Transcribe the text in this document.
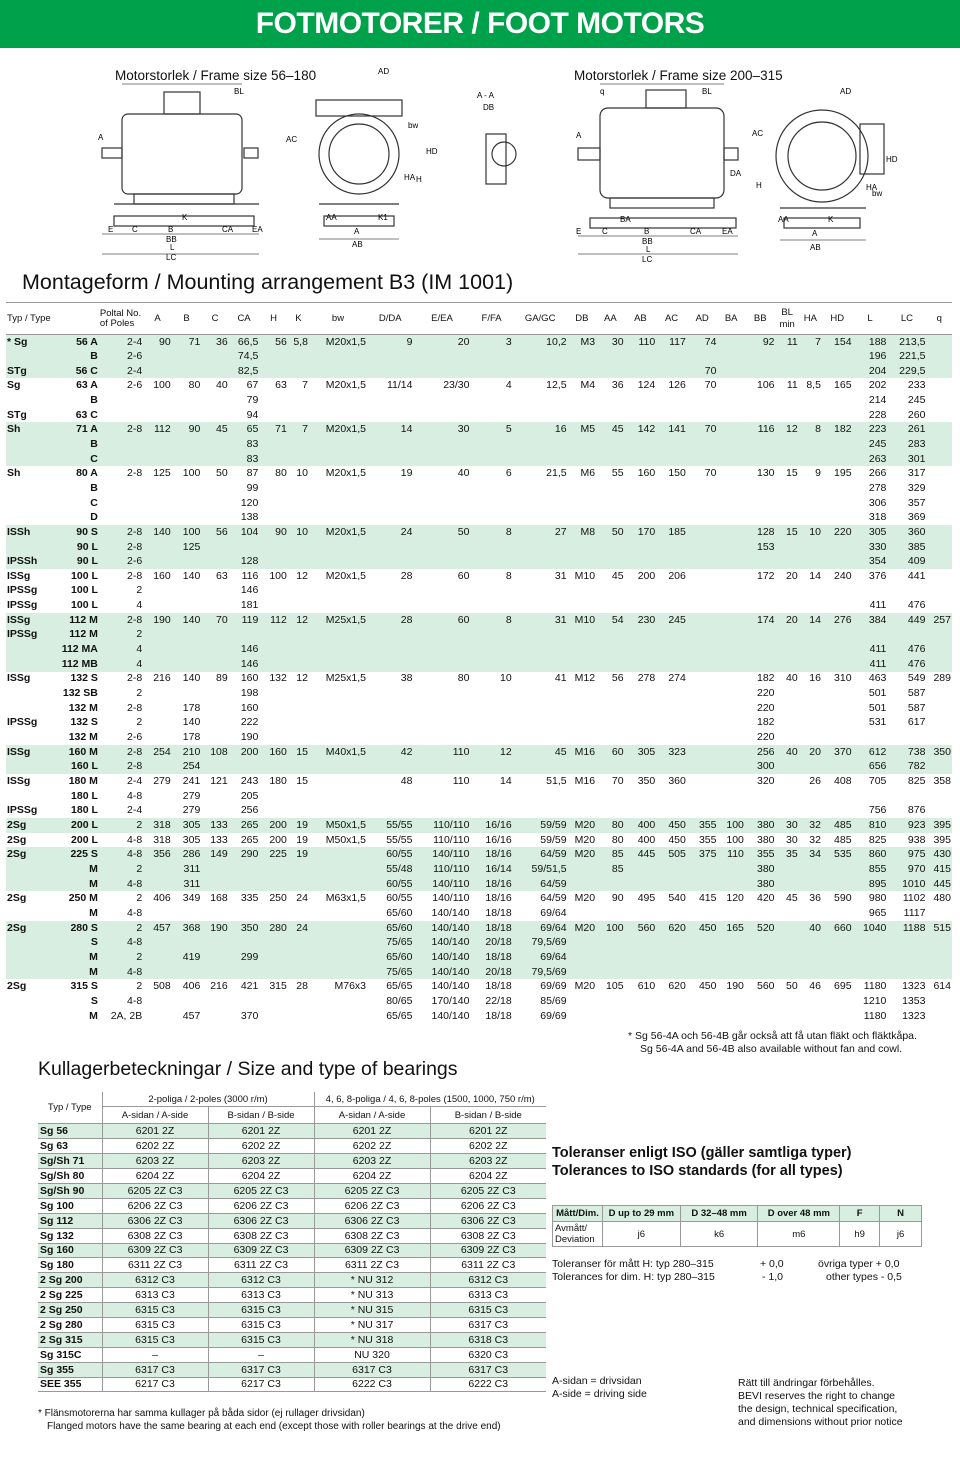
FOTMOTORER / FOOT MOTORS
Motorstorlek / Frame size 56–180	Motorstorlek / Frame size 200–315
BL
AD
A - A
DB
bw
HD
A	AC
HA H
E C	B
K
CA EA
AA	K1
BB
L
LC
A
AB
q	BL	AD
A	AC
DA
H	HA
HD
bw
E	C
BA
B	CA	EA
AA	K
BB
L
LC
A
AB
Montageform / Mounting arrangement B3 (IM 1001)
Typ / Type		Poltal No. of Poles	A	B	C	CA	H	K	bw	D/DA	E/EA	F/FA	GA/GC	DB	AA	AB	AC	AD	BA	BB	BL min	HA	HD	L	LC	q
* Sg	56 A	2-4	90	71	36	66,5	56	5,8	M20x1,5	9	20	3	10,2	M3	30	110	117	74		92	11	7	154	188	213,5	
	B	2-6				74,5																		196	221,5	
STg	56 C	2-4				82,5												70						204	229,5	
Sg	63 A	2-6	100	80	40	67	63	7	M20x1,5	11/14	23/30	4	12,5	M4	36	124	126	70		106	11	8,5	165	202	233	
	B					79																		214	245	
STg	63 C					94																		228	260	
Sh	71 A	2-8	112	90	45	65	71	7	M20x1,5	14	30	5	16	M5	45	142	141	70		116	12	8	182	223	261	
	B					83																		245	283	
	C					83																		263	301	
Sh	80 A	2-8	125	100	50	87	80	10	M20x1,5	19	40	6	21,5	M6	55	160	150	70		130	15	9	195	266	317	
	B					99																		278	329	
	C					120																		306	357	
	D					138																		318	369	
ISSh	90 S	2-8	140	100	56	104	90	10	M20x1,5	24	50	8	27	M8	50	170	185			128	15	10	220	305	360	
	90 L	2-8		125																153				330	385	
IPSSh	90 L	2-6				128																		354	409	
ISSg	100 L	2-8	160	140	63	116	100	12	M20x1,5	28	60	8	31	M10	45	200	206			172	20	14	240	376	441	
IPSSg	100 L	2				146																				
IPSSg	100 L	4				181																		411	476	
ISSg	112 M	2-8	190	140	70	119	112	12	M25x1,5	28	60	8	31	M10	54	230	245			174	20	14	276	384	449	257
IPSSg	112 M	2																								
	112 MA	4				146																		411	476	
	112 MB	4				146																		411	476	
ISSg	132 S	2-8	216	140	89	160	132	12	M25x1,5	38	80	10	41	M12	56	278	274			182	40	16	310	463	549	289
	132 SB	2				198														220				501	587	
	132 M	2-8		178		160														220				501	587	
IPSSg	132 S	2		140		222														182				531	617	
	132 M	2-6		178		190														220						
ISSg	160 M	2-8	254	210	108	200	160	15	M40x1,5	42	110	12	45	M16	60	305	323			256	40	20	370	612	738	350
	160 L	2-8		254																300				656	782	
ISSg	180 M	2-4	279	241	121	243	180	15		48	110	14	51,5	M16	70	350	360			320		26	408	705	825	358
	180 L	4-8		279		205																				
IPSSg	180 L	2-4		279		256																		756	876	
2Sg	200 L	2	318	305	133	265	200	19	M50x1,5	55/55	110/110	16/16	59/59	M20	80	400	450	355	100	380	30	32	485	810	923	395
2Sg	200 L	4-8	318	305	133	265	200	19	M50x1,5	55/55	110/110	16/16	59/59	M20	80	400	450	355	100	380	30	32	485	825	938	395
2Sg	225 S	4-8	356	286	149	290	225	19		60/55	140/110	18/16	64/59	M20	85	445	505	375	110	355	35	34	535	860	975	430
	M	2		311						55/48	110/110	16/14	59/51,5		85					380				855	970	415
	M	4-8		311						60/55	140/110	18/16	64/59							380				895	1010	445
2Sg	250 M	2	406	349	168	335	250	24	M63x1,5	60/55	140/110	18/16	64/59	M20	90	495	540	415	120	420	45	36	590	980	1102	480
	M	4-8								65/60	140/140	18/18	69/64											965	1117	
2Sg	280 S	2	457	368	190	350	280	24		65/60	140/140	18/18	69/64	M20	100	560	620	450	165	520		40	660	1040	1188	515
	S	4-8								75/65	140/140	20/18	79,5/69													
	M	2		419		299				65/60	140/140	18/18	69/64													
	M	4-8								75/65	140/140	20/18	79,5/69													
2Sg	315 S	2	508	406	216	421	315	28	M76x3	65/65	140/140	18/18	69/69	M20	105	610	620	450	190	560	50	46	695	1180	1323	614
	S	4-8								80/65	170/140	22/18	85/69											1210	1353	
	M	2A, 2B		457		370				65/65	140/140	18/18	69/69											1180	1323	
* Sg 56-4A och 56-4B går också att få utan fläkt och fläktkåpa.
Sg 56-4A and 56-4B also available without fan and cowl.
Kullagerbeteckningar / Size and type of bearings
Typ / Type	2-poliga / 2-poles (3000 r/m)		4, 6, 8-poliga / 4, 6, 8-poles (1500, 1000, 750 r/m)	
	A-sidan / A-side	B-sidan / B-side	A-sidan / A-side	B-sidan / B-side
Sg 56	6201 2Z	6201 2Z	6201 2Z	6201 2Z
Sg 63	6202 2Z	6202 2Z	6202 2Z	6202 2Z
Sg/Sh 71	6203 2Z	6203 2Z	6203 2Z	6203 2Z
Sg/Sh 80	6204 2Z	6204 2Z	6204 2Z	6204 2Z
Sg/Sh 90	6205 2Z C3	6205 2Z C3	6205 2Z C3	6205 2Z C3
Sg 100	6206 2Z C3	6206 2Z C3	6206 2Z C3	6206 2Z C3
Sg 112	6306 2Z C3	6306 2Z C3	6306 2Z C3	6306 2Z C3
Sg 132	6308 2Z C3	6308 2Z C3	6308 2Z C3	6308 2Z C3
Sg 160	6309 2Z C3	6309 2Z C3	6309 2Z C3	6309 2Z C3
Sg 180	6311 2Z C3	6311 2Z C3	6311 2Z C3	6311 2Z C3
2 Sg 200	6312 C3	6312 C3	* NU 312	6312 C3
2 Sg 225	6313 C3	6313 C3	* NU 313	6313 C3
2 Sg 250	6315 C3	6315 C3	* NU 315	6315 C3
2 Sg 280	6315 C3	6315 C3	* NU 317	6317 C3
2 Sg 315	6315 C3	6315 C3	* NU 318	6318 C3
Sg 315C	–	–	NU 320	6320 C3
Sg 355	6317 C3	6317 C3	6317 C3	6317 C3
SEE 355	6217 C3	6217 C3	6222 C3	6222 C3
* Flänsmotorerna har samma kullager på båda sidor (ej rullager drivsidan)
Flanged motors have the same bearing at each end (except those with roller bearings at the drive end)
Toleranser enligt ISO (gäller samtliga typer)
Tolerances to ISO standards (for all types)
Mått/Dim.	D up to 29 mm	D 32–48 mm	D over 48 mm	F	N
Avmått/ Deviation	j6	k6	m6	h9	j6
Toleranser för mått H: typ 280–315	+ 0,0	övriga typer + 0,0
Tolerances for dim. H: typ 280–315	- 1,0	other types - 0,5
A-sidan = drivsidan
A-side = driving side
Rätt till ändringar förbehålles.
BEVI reserves the right to change
the design, technical specification,
and dimensions without prior notice
